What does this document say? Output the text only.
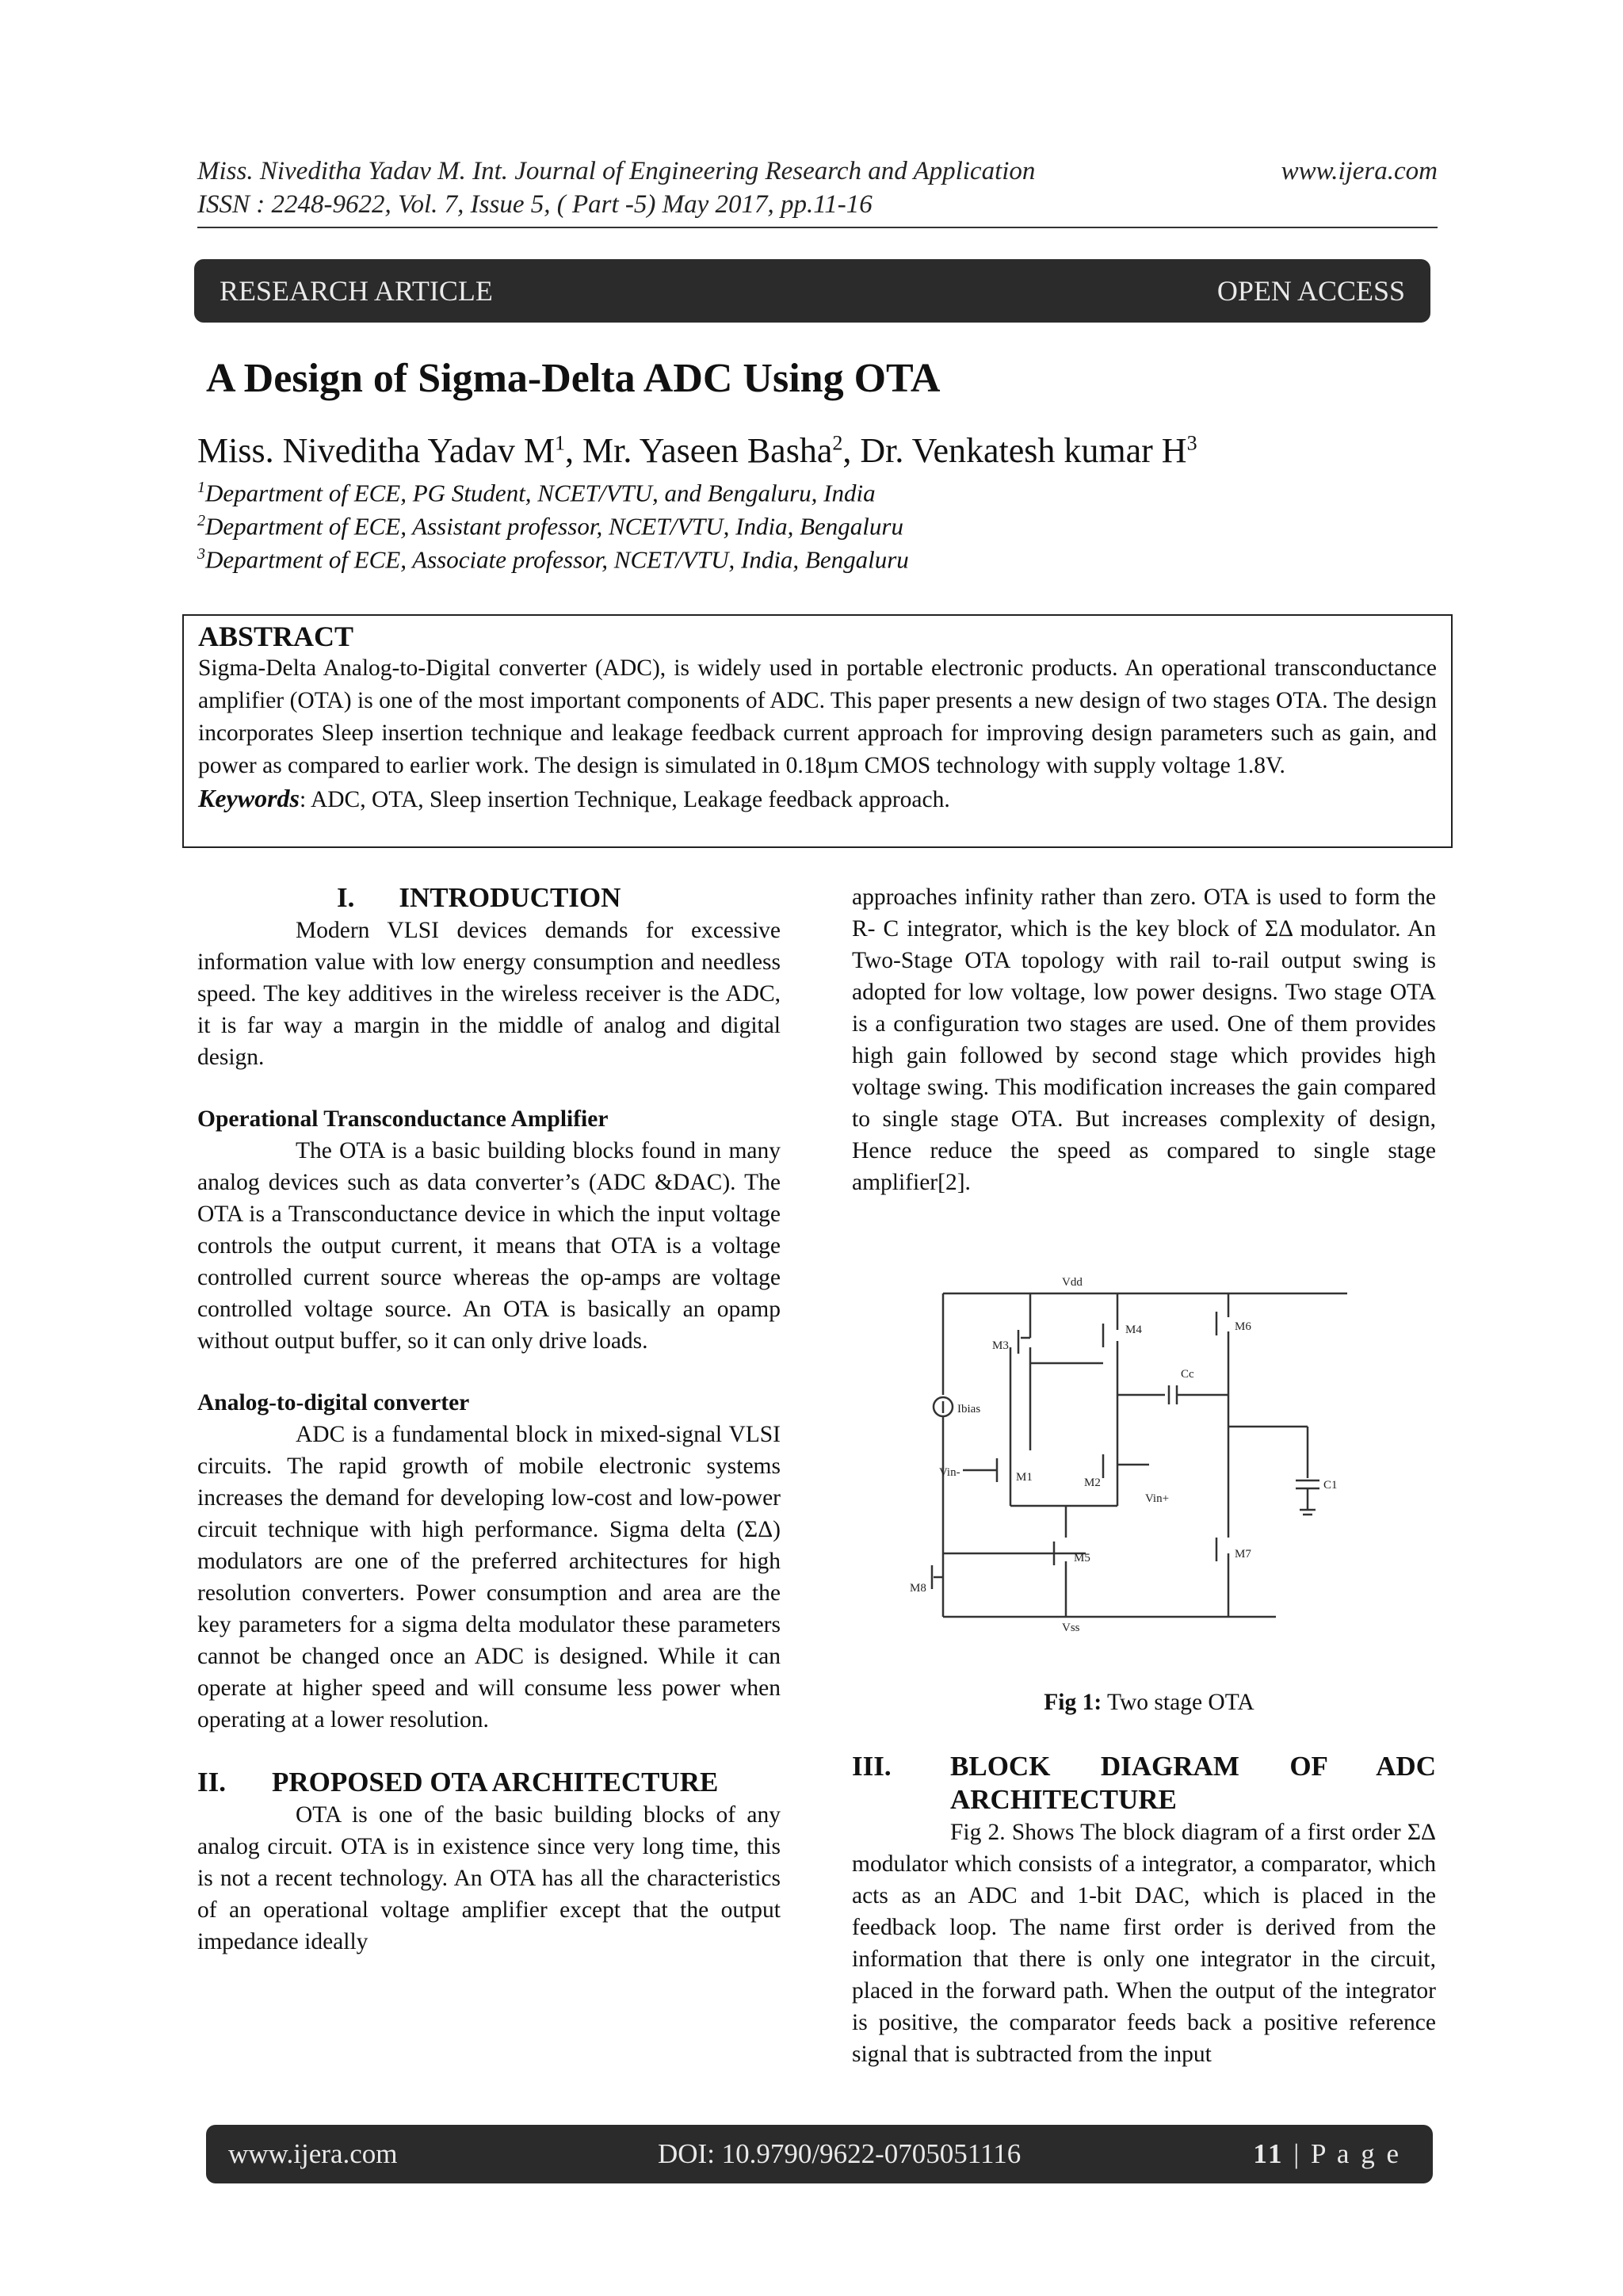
Miss. Niveditha Yadav M. Int. Journal of Engineering Research and Application	www.ijera.com
ISSN : 2248-9622, Vol. 7, Issue 5, ( Part -5) May 2017, pp.11-16
RESEARCH ARTICLE	OPEN ACCESS
A Design of Sigma-Delta ADC Using OTA
Miss. Niveditha Yadav $M^1$, Mr. Yaseen Basha$^2$, Dr. Venkatesh kumar $H^3$
$^1$Department of ECE, PG Student, NCET/VTU, and Bengaluru, India
$^2$Department of ECE, Assistant professor, NCET/VTU, India, Bengaluru
$^3$Department of ECE, Associate professor, NCET/VTU, India, Bengaluru
ABSTRACT
Sigma-Delta Analog-to-Digital converter (ADC), is widely used in portable electronic products. An operational transconductance amplifier (OTA) is one of the most important components of ADC. This paper presents a new design of two stages OTA. The design incorporates Sleep insertion technique and leakage feedback current approach for improving design parameters such as gain, and power as compared to earlier work. The design is simulated in 0.18µm CMOS technology with supply voltage 1.8V.
Keywords: ADC, OTA, Sleep insertion Technique, Leakage feedback approach.
I. INTRODUCTION

Modern VLSI devices demands for excessive information value with low energy consumption and needless speed. The key additives in the wireless receiver is the ADC, it is far way a margin in the middle of analog and digital design.

Operational Transconductance Amplifier

The OTA is a basic building blocks found in many analog devices such as data converter’s (ADC &DAC). The OTA is a Transconductance device in which the input voltage controls the output current, it means that OTA is a voltage controlled current source whereas the op-amps are voltage controlled voltage source. An OTA is basically an opamp without output buffer, so it can only drive loads.

Analog-to-digital converter

ADC is a fundamental block in mixed-signal VLSI circuits. The rapid growth of mobile electronic systems increases the demand for developing low-cost and low-power circuit technique with high performance. Sigma delta (ΣΔ) modulators are one of the preferred architectures for high resolution converters. Power consumption and area are the key parameters for a sigma delta modulator these parameters cannot be changed once an ADC is designed. While it can operate at higher speed and will consume less power when operating at a lower resolution.

II. PROPOSED OTA ARCHITECTURE

OTA is one of the basic building blocks of any analog circuit. OTA is in existence since very long time, this is not a recent technology. An OTA has all the characteristics of an operational voltage amplifier except that the output impedance ideally

approaches infinity rather than zero. OTA is used to form the R- C integrator, which is the key block of ΣΔ modulator. An Two-Stage OTA topology with rail to-rail output swing is adopted for low voltage, low power designs. Two stage OTA is a configuration two stages are used. One of them provides high gain followed by second stage which provides high voltage swing. This modification increases the gain compared to single stage OTA. But increases complexity of design, Hence reduce the speed as compared to single stage amplifier[2].

Vdd
Vss
Ibias
Cc
C1
Vin-
Vin+
M1	M2
M3
M4
M5
M6
M7
M8
Fig 1: Two stage OTA
III.	BLOCK   DIAGRAM   OF   ADC
ARCHITECTURE

Fig 2. Shows The block diagram of a first order ΣΔ modulator which consists of a integrator, a comparator, which acts as an ADC and 1-bit DAC, which is placed in the feedback loop. The name first order is derived from the information that there is only one integrator in the circuit, placed in the forward path. When the output of the integrator is positive, the comparator feeds back a positive reference signal that is subtracted from the input

www.ijera.com	DOI: 10.9790/9622-0705051116	11 | P a g e
